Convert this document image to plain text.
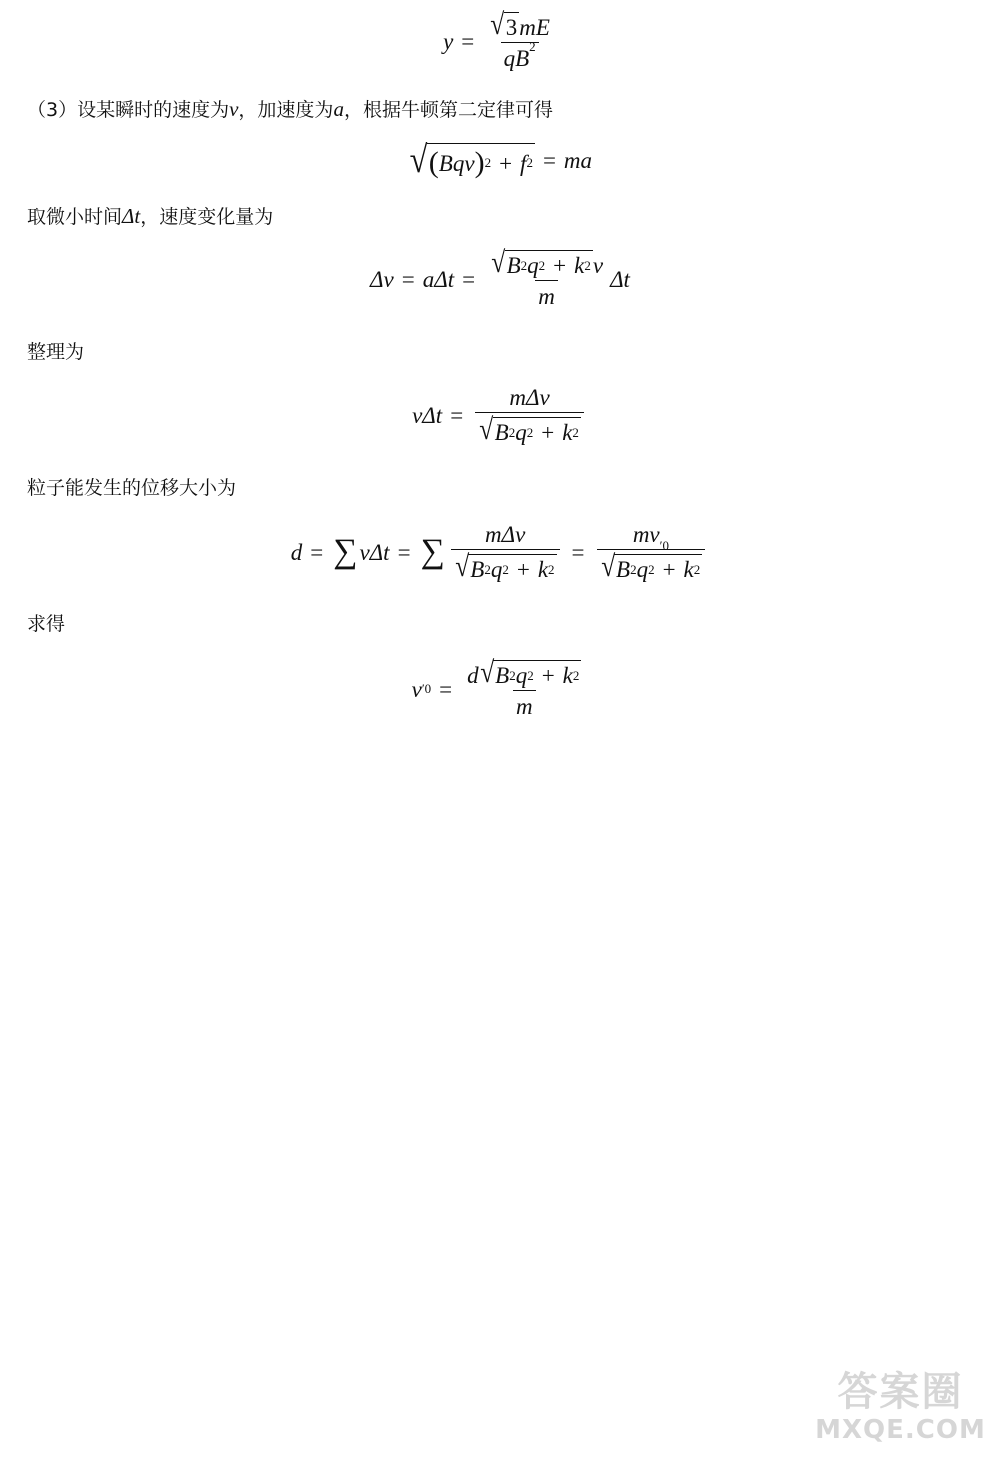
$y = \frac{√ 3 mE}{qB 2}$
（3）设某瞬时的速度为v，加速度为a，根据牛顿第二定律可得
√ ( Bqv ) 2 + f 2 = ma
取微小时间Δt，速度变化量为
Δv = aΔt = √ B 2 q 2 + k 2 v
m
Δt
整理为
$v\Delta t = \frac{\text{mΔv}}{√ B 2 q 2 + k 2}$
粒子能发生的位移大小为
d = ∑ vΔt = ∑ $\frac{\text{mΔv}}{√ B 2 q 2 + k 2} = \frac{mv ' 0}{√ B 2 q 2 + k 2}$
求得
v ′ $0 = \frac{d √ B 2 q 2 + k 2}{m}$
答案圈
MXQE.COM
